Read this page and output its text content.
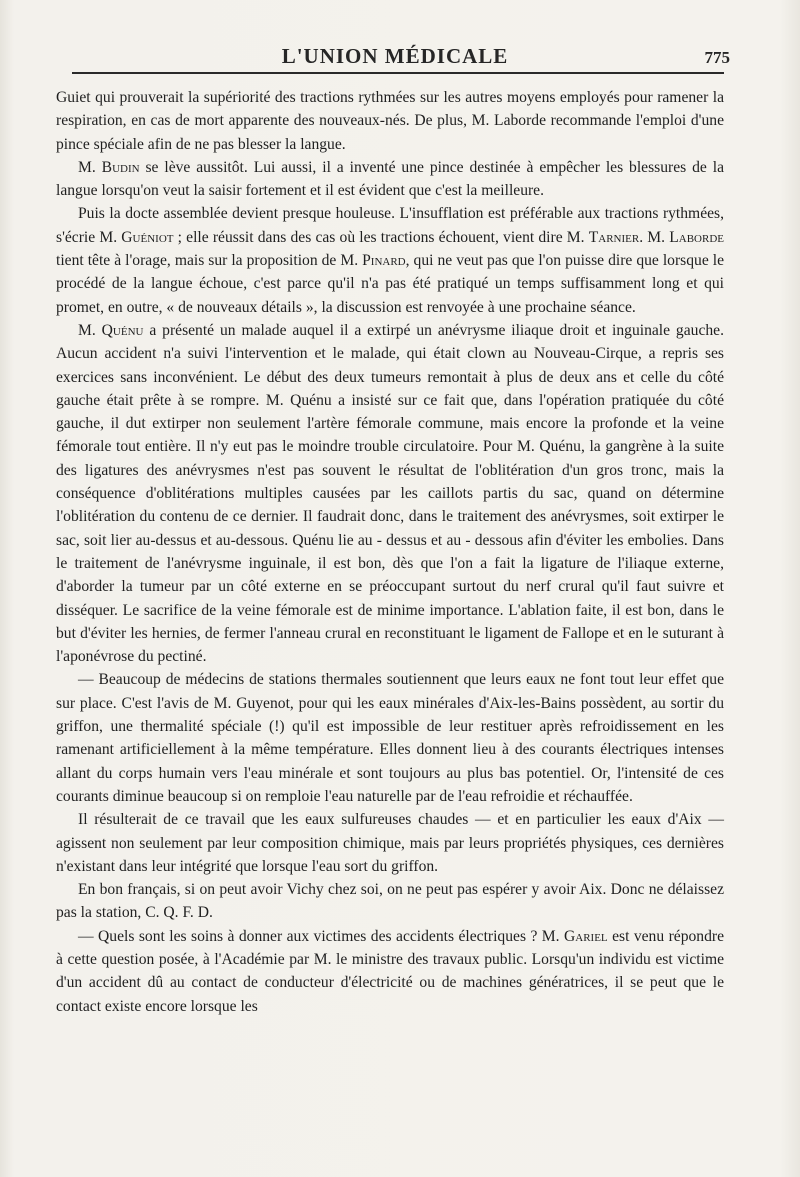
L'UNION MÉDICALE	775

Guiet qui prouverait la supériorité des tractions rythmées sur les autres moyens employés pour ramener la respiration, en cas de mort apparente des nouveaux-nés. De plus, M. Laborde recommande l'emploi d'une pince spéciale afin de ne pas blesser la langue.

M. Budin se lève aussitôt. Lui aussi, il a inventé une pince destinée à empêcher les blessures de la langue lorsqu'on veut la saisir fortement et il est évident que c'est la meilleure.

Puis la docte assemblée devient presque houleuse. L'insufflation est préférable aux tractions rythmées, s'écrie M. Guéniot ; elle réussit dans des cas où les tractions échouent, vient dire M. Tarnier. M. Laborde tient tête à l'orage, mais sur la proposition de M. Pinard, qui ne veut pas que l'on puisse dire que lorsque le procédé de la langue échoue, c'est parce qu'il n'a pas été pratiqué un temps suffisamment long et qui promet, en outre, « de nouveaux détails », la discussion est renvoyée à une prochaine séance.

M. Quénu a présenté un malade auquel il a extirpé un anévrysme iliaque droit et inguinale gauche. Aucun accident n'a suivi l'intervention et le malade, qui était clown au Nouveau-Cirque, a repris ses exercices sans inconvénient. Le début des deux tumeurs remontait à plus de deux ans et celle du côté gauche était prête à se rompre. M. Quénu a insisté sur ce fait que, dans l'opération pratiquée du côté gauche, il dut extirper non seulement l'artère fémorale commune, mais encore la profonde et la veine fémorale tout entière. Il n'y eut pas le moindre trouble circulatoire. Pour M. Quénu, la gangrène à la suite des ligatures des anévrysmes n'est pas souvent le résultat de l'oblitération d'un gros tronc, mais la conséquence d'oblitérations multiples causées par les caillots partis du sac, quand on détermine l'oblitération du contenu de ce dernier. Il faudrait donc, dans le traitement des anévrysmes, soit extirper le sac, soit lier au-dessus et au-dessous. Quénu lie au - dessus et au - dessous afin d'éviter les embolies. Dans le traitement de l'anévrysme inguinale, il est bon, dès que l'on a fait la ligature de l'iliaque externe, d'aborder la tumeur par un côté externe en se préoccupant surtout du nerf crural qu'il faut suivre et disséquer. Le sacrifice de la veine fémorale est de minime importance. L'ablation faite, il est bon, dans le but d'éviter les hernies, de fermer l'anneau crural en reconstituant le ligament de Fallope et en le suturant à l'aponévrose du pectiné.

— Beaucoup de médecins de stations thermales soutiennent que leurs eaux ne font tout leur effet que sur place. C'est l'avis de M. Guyenot, pour qui les eaux minérales d'Aix-les-Bains possèdent, au sortir du griffon, une thermalité spéciale (!) qu'il est impossible de leur restituer après refroidissement en les ramenant artificiellement à la même température. Elles donnent lieu à des courants électriques intenses allant du corps humain vers l'eau minérale et sont toujours au plus bas potentiel. Or, l'intensité de ces courants diminue beaucoup si on remploie l'eau naturelle par de l'eau refroidie et réchauffée.

Il résulterait de ce travail que les eaux sulfureuses chaudes — et en particulier les eaux d'Aix — agissent non seulement par leur composition chimique, mais par leurs propriétés physiques, ces dernières n'existant dans leur intégrité que lorsque l'eau sort du griffon.

En bon français, si on peut avoir Vichy chez soi, on ne peut pas espérer y avoir Aix. Donc ne délaissez pas la station, C. Q. F. D.

— Quels sont les soins à donner aux victimes des accidents électriques ? M. Gariel est venu répondre à cette question posée, à l'Académie par M. le ministre des travaux public. Lorsqu'un individu est victime d'un accident dû au contact de conducteur d'électricité ou de machines génératrices, il se peut que le contact existe encore lorsque les
